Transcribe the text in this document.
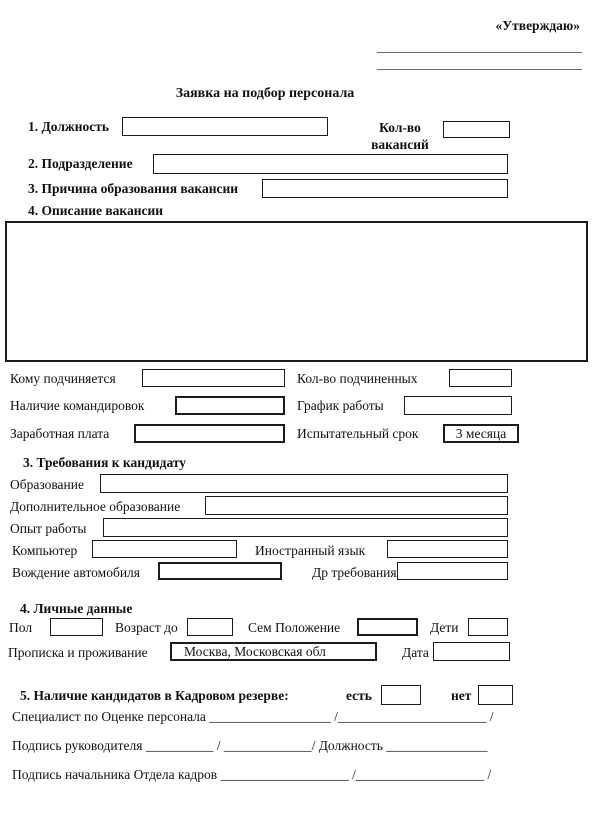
«Утверждаю»
Заявка на подбор персонала
1. Должность	Кол-во
вакансий
2. Подразделение
3. Причина образования вакансии
4. Описание вакансии
Кому подчиняется	Кол-во подчиненных
Наличие командировок	График работы
Заработная плата	Испытательный срок	3 месяца
3. Требования к кандидату
Образование
Дополнительное образование
Опыт работы
Компьютер	Иностранный язык
Вождение автомобиля	Др требования
4. Личные данные
Пол	Возраст до	Сем Положение	Дети
Прописка и проживание	Москва, Московская обл	Дата
5. Наличие кандидатов в Кадровом резерве:	есть	нет
Специалист по Оценке персонала __________________ /______________________ /
Подпись руководителя __________ / _____________/ Должность _______________
Подпись начальника Отдела кадров ___________________ /___________________ /
